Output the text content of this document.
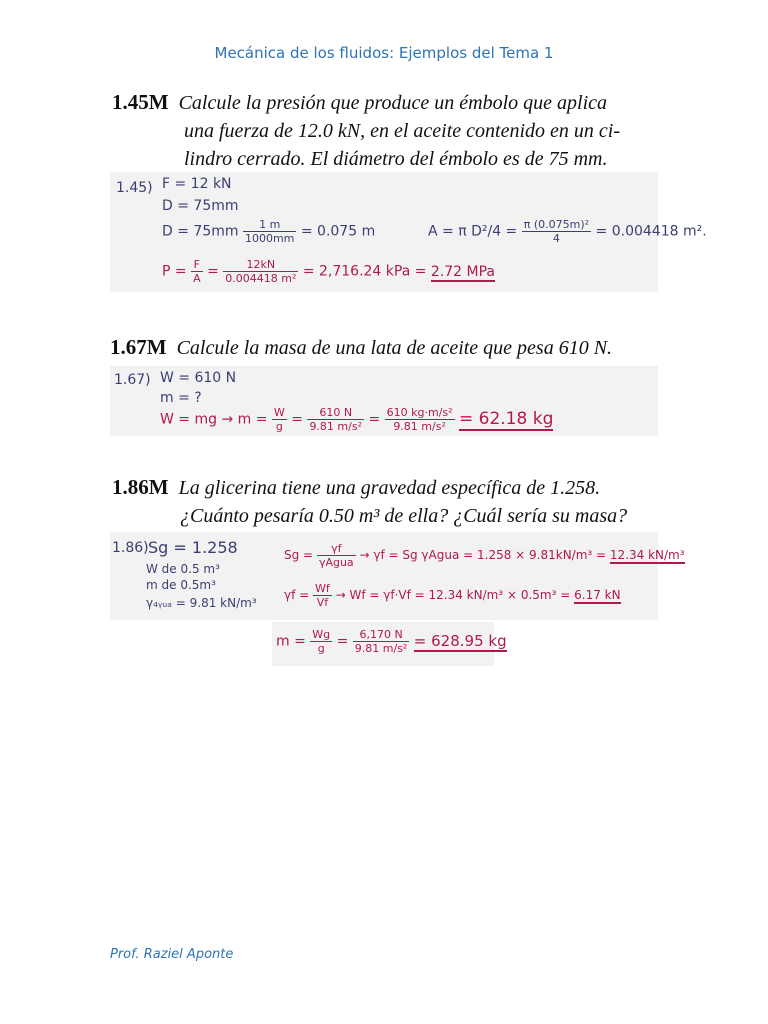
Mecánica de los fluidos: Ejemplos del Tema 1
1.45M Calcule la presión que produce un émbolo que aplica
una fuerza de 12.0 kN, en el aceite contenido en un ci-
lindro cerrado. El diámetro del émbolo es de 75 mm.
1.45) F = 12 kN
D = 75mm
$D = 75mm \frac{1 m}{1000mm} = 0.075$ m	A = π $D^2/4 = \frac{\text{π (0.075m)²}}{4} = 0.004418$ m².
$P = \frac{F}{A} = \frac{12kN}{\text{0.004418 m²}} = 2,716.24$ kPa = 2.72 MPa
1.67M Calcule la masa de una lata de aceite que pesa 610 N.
1.67) W = 610 N
m = ?
W = mg → $m = \frac{W}{g} = \frac{610 N}{\text{9.81 m/s²}} = \frac{\text{610 kg·m/s²}}{\text{9.81 m/s²}} = 62.18$ kg
1.86M La glicerina tiene una gravedad específica de 1.258.
¿Cuánto pesaría 0.50 m³ de ella? ¿Cuál sería su masa?
1.86) Sg = 1.258
W de 0.5 m³
m de 0.5m³
γ₄ᵧᵤₐ = 9.81 kN/m³
$Sg = \frac{\gamma f}{\text{γAgua}} \to \gamma f = Sg$ γAgua = 1.258 × 9.81kN/m³ = 12.34 kN/m³
$\gamma f = \frac{Wf}{Vf} \to Wf = \gamma f\cdot Vf = 12.34$ kN/m³ × 0.5m³ = 6.17 kN
$m = \frac{Wg}{g} = \frac{6,170 N}{\text{9.81 m/s²}} = 628.95$ kg
Prof. Raziel Aponte
